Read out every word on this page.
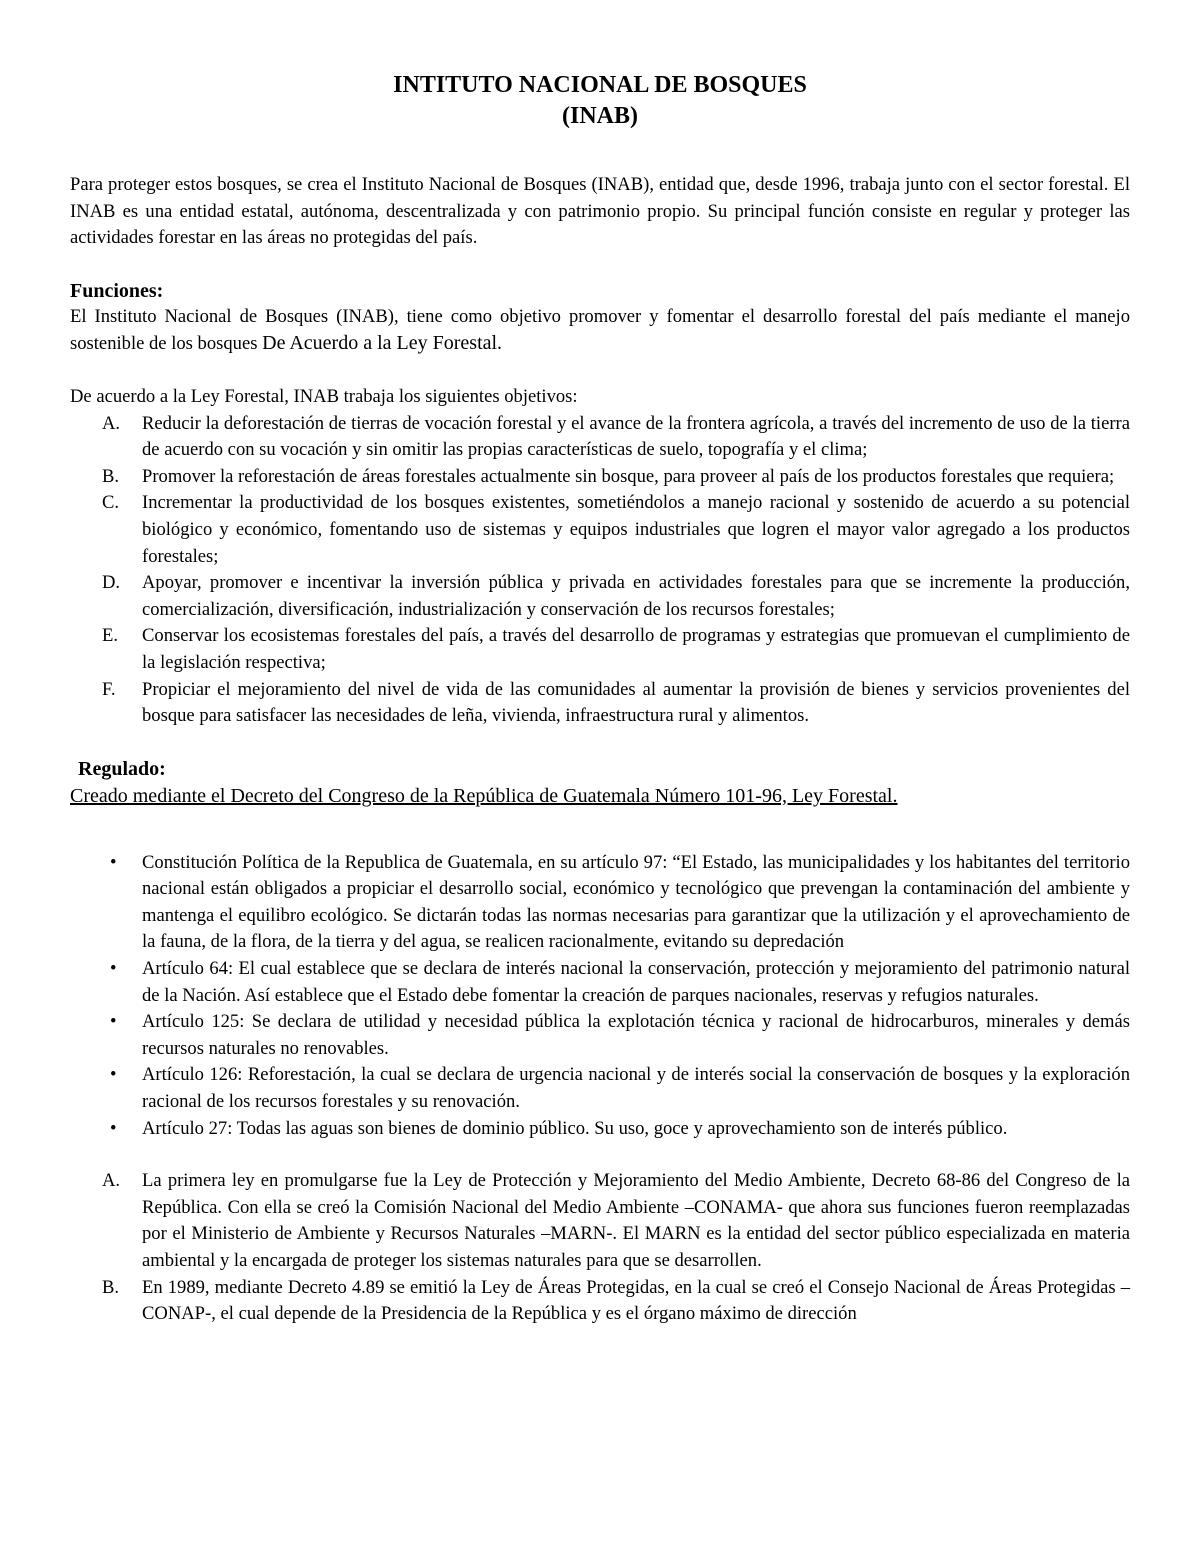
INTITUTO NACIONAL DE BOSQUES
(INAB)

Para proteger estos bosques, se crea el Instituto Nacional de Bosques (INAB), entidad que, desde 1996, trabaja junto con el sector forestal. El INAB es una entidad estatal, autónoma, descentralizada y con patrimonio propio. Su principal función consiste en regular y proteger las actividades forestar en las áreas no protegidas del país.

Funciones:

El Instituto Nacional de Bosques (INAB), tiene como objetivo promover y fomentar el desarrollo forestal del país mediante el manejo sostenible de los bosques De Acuerdo a la Ley Forestal.

De acuerdo a la Ley Forestal, INAB trabaja los siguientes objetivos:

A. Reducir la deforestación de tierras de vocación forestal y el avance de la frontera agrícola, a través del incremento de uso de la tierra de acuerdo con su vocación y sin omitir las propias características de suelo, topografía y el clima;
B. Promover la reforestación de áreas forestales actualmente sin bosque, para proveer al país de los productos forestales que requiera;
C. Incrementar la productividad de los bosques existentes, sometiéndolos a manejo racional y sostenido de acuerdo a su potencial biológico y económico, fomentando uso de sistemas y equipos industriales que logren el mayor valor agregado a los productos forestales;
D. Apoyar, promover e incentivar la inversión pública y privada en actividades forestales para que se incremente la producción, comercialización, diversificación, industrialización y conservación de los recursos forestales;
E. Conservar los ecosistemas forestales del país, a través del desarrollo de programas y estrategias que promuevan el cumplimiento de la legislación respectiva;
F. Propiciar el mejoramiento del nivel de vida de las comunidades al aumentar la provisión de bienes y servicios provenientes del bosque para satisfacer las necesidades de leña, vivienda, infraestructura rural y alimentos.
Regulado:
Creado mediante el Decreto del Congreso de la República de Guatemala Número 101-96, Ley Forestal.
• Constitución Política de la Republica de Guatemala, en su artículo 97: “El Estado, las municipalidades y los habitantes del territorio nacional están obligados a propiciar el desarrollo social, económico y tecnológico que prevengan la contaminación del ambiente y mantenga el equilibro ecológico. Se dictarán todas las normas necesarias para garantizar que la utilización y el aprovechamiento de la fauna, de la flora, de la tierra y del agua, se realicen racionalmente, evitando su depredación
• Artículo 64: El cual establece que se declara de interés nacional la conservación, protección y mejoramiento del patrimonio natural de la Nación. Así establece que el Estado debe fomentar la creación de parques nacionales, reservas y refugios naturales.
• Artículo 125: Se declara de utilidad y necesidad pública la explotación técnica y racional de hidrocarburos, minerales y demás recursos naturales no renovables.
• Artículo 126: Reforestación, la cual se declara de urgencia nacional y de interés social la conservación de bosques y la exploración racional de los recursos forestales y su renovación.
• Artículo 27: Todas las aguas son bienes de dominio público. Su uso, goce y aprovechamiento son de interés público.
A. La primera ley en promulgarse fue la Ley de Protección y Mejoramiento del Medio Ambiente, Decreto 68-86 del Congreso de la República. Con ella se creó la Comisión Nacional del Medio Ambiente –CONAMA- que ahora sus funciones fueron reemplazadas por el Ministerio de Ambiente y Recursos Naturales –MARN-. El MARN es la entidad del sector público especializada en materia ambiental y la encargada de proteger los sistemas naturales para que se desarrollen.
B. En 1989, mediante Decreto 4.89 se emitió la Ley de Áreas Protegidas, en la cual se creó el Consejo Nacional de Áreas Protegidas –CONAP-, el cual depende de la Presidencia de la República y es el órgano máximo de dirección
